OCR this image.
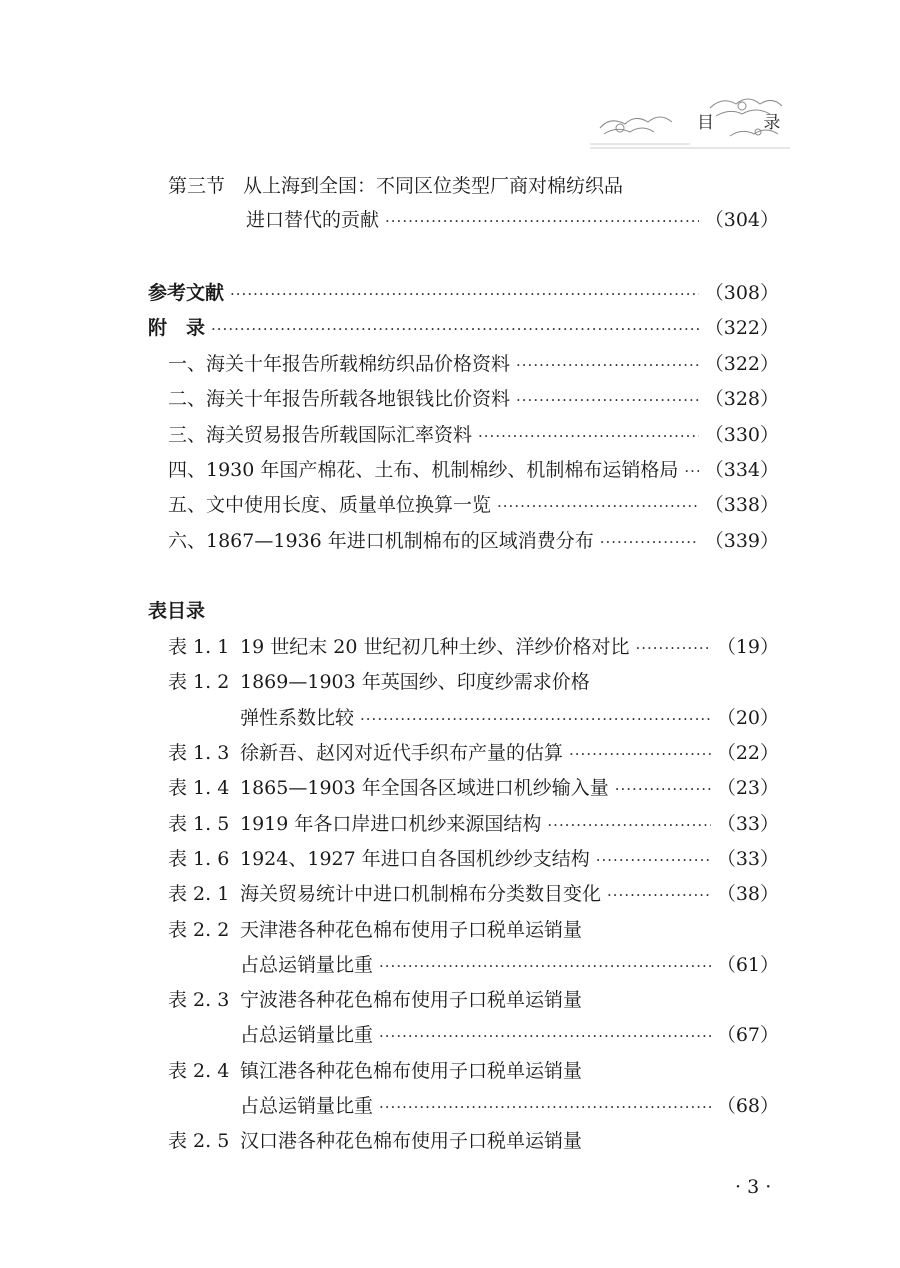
目 录
第三节 从上海到全国：不同区位类型厂商对棉纺织品
进口替代的贡献 ·····	（304）
参考文献 ·····	（308）
附　录 ·····	（322）
一、海关十年报告所载棉纺织品价格资料 ·····	（322）
二、海关十年报告所载各地银钱比价资料 ·····	（328）
三、海关贸易报告所载国际汇率资料 ·····	（330）
四、1930 年国产棉花、土布、机制棉纱、机制棉布运销格局 ····· （334）
五、文中使用长度、质量单位换算一览 ·····	（338）
六、1867—1936 年进口机制棉布的区域消费分布 ·····	（339）
表目录
表 1. 1 19 世纪末 20 世纪初几种土纱、洋纱价格对比 ·····	（19）
表 1. 2 1869—1903 年英国纱、印度纱需求价格
弹性系数比较 ·····	（20）
表 1. 3 徐新吾、赵冈对近代手织布产量的估算 ·····	（22）
表 1. 4 1865—1903 年全国各区域进口机纱输入量 ·····	（23）
表 1. 5 1919 年各口岸进口机纱来源国结构 ·····	（33）
表 1. 6 1924、1927 年进口自各国机纱纱支结构 ·····	（33）
表 2. 1 海关贸易统计中进口机制棉布分类数目变化 ·····	（38）
表 2. 2 天津港各种花色棉布使用子口税单运销量
占总运销量比重 ·····	（61）
表 2. 3 宁波港各种花色棉布使用子口税单运销量
占总运销量比重 ·····	（67）
表 2. 4 镇江港各种花色棉布使用子口税单运销量
占总运销量比重 ·····	（68）
表 2. 5 汉口港各种花色棉布使用子口税单运销量
· 3 ·
